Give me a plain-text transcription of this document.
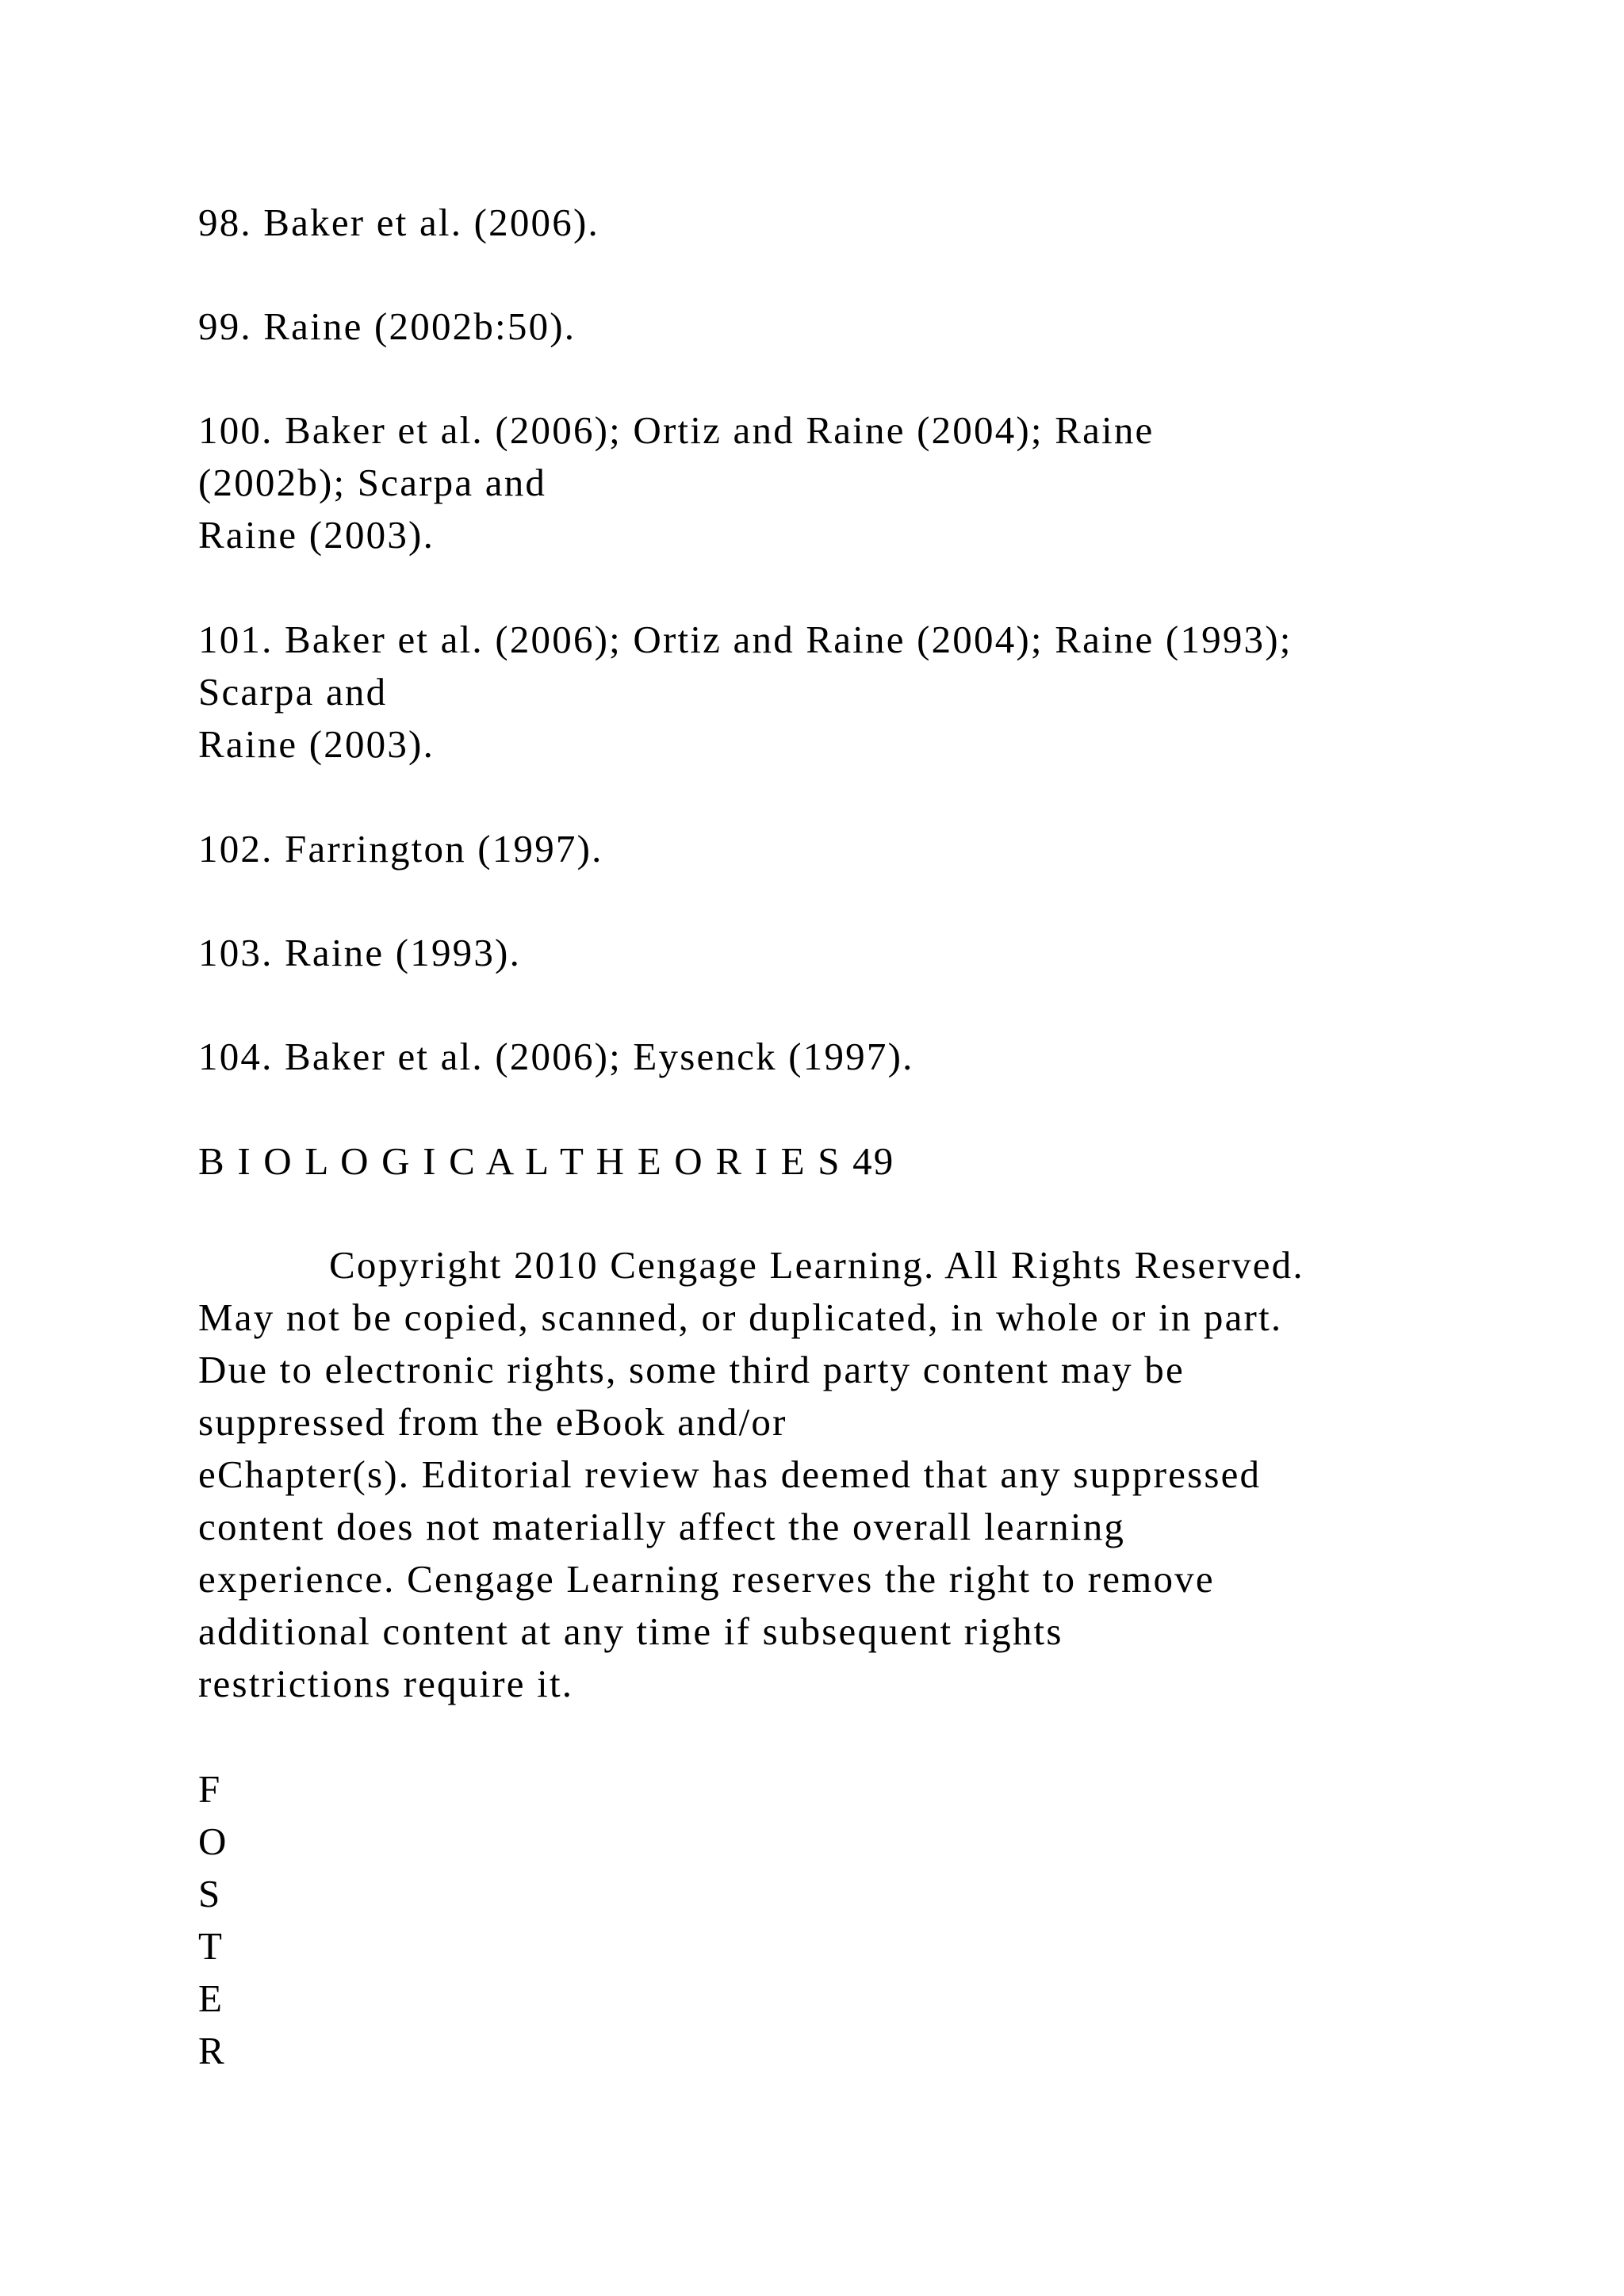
98. Baker et al. (2006).

99. Raine (2002b:50).

100. Baker et al. (2006); Ortiz and Raine (2004); Raine

(2002b); Scarpa and

Raine (2003).

101. Baker et al. (2006); Ortiz and Raine (2004); Raine (1993);

Scarpa and

Raine (2003).

102. Farrington (1997).

103. Raine (1993).

104. Baker et al. (2006); Eysenck (1997).

B I O L O G I C A L T H E O R I E S 49

Copyright 2010 Cengage Learning. All Rights Reserved.

May not be copied, scanned, or duplicated, in whole or in part.

Due to electronic rights, some third party content may be

suppressed from the eBook and/or

eChapter(s). Editorial review has deemed that any suppressed

content does not materially affect the overall learning

experience. Cengage Learning reserves the right to remove

additional content at any time if subsequent rights

restrictions require it.

F
O
S
T
E
R
